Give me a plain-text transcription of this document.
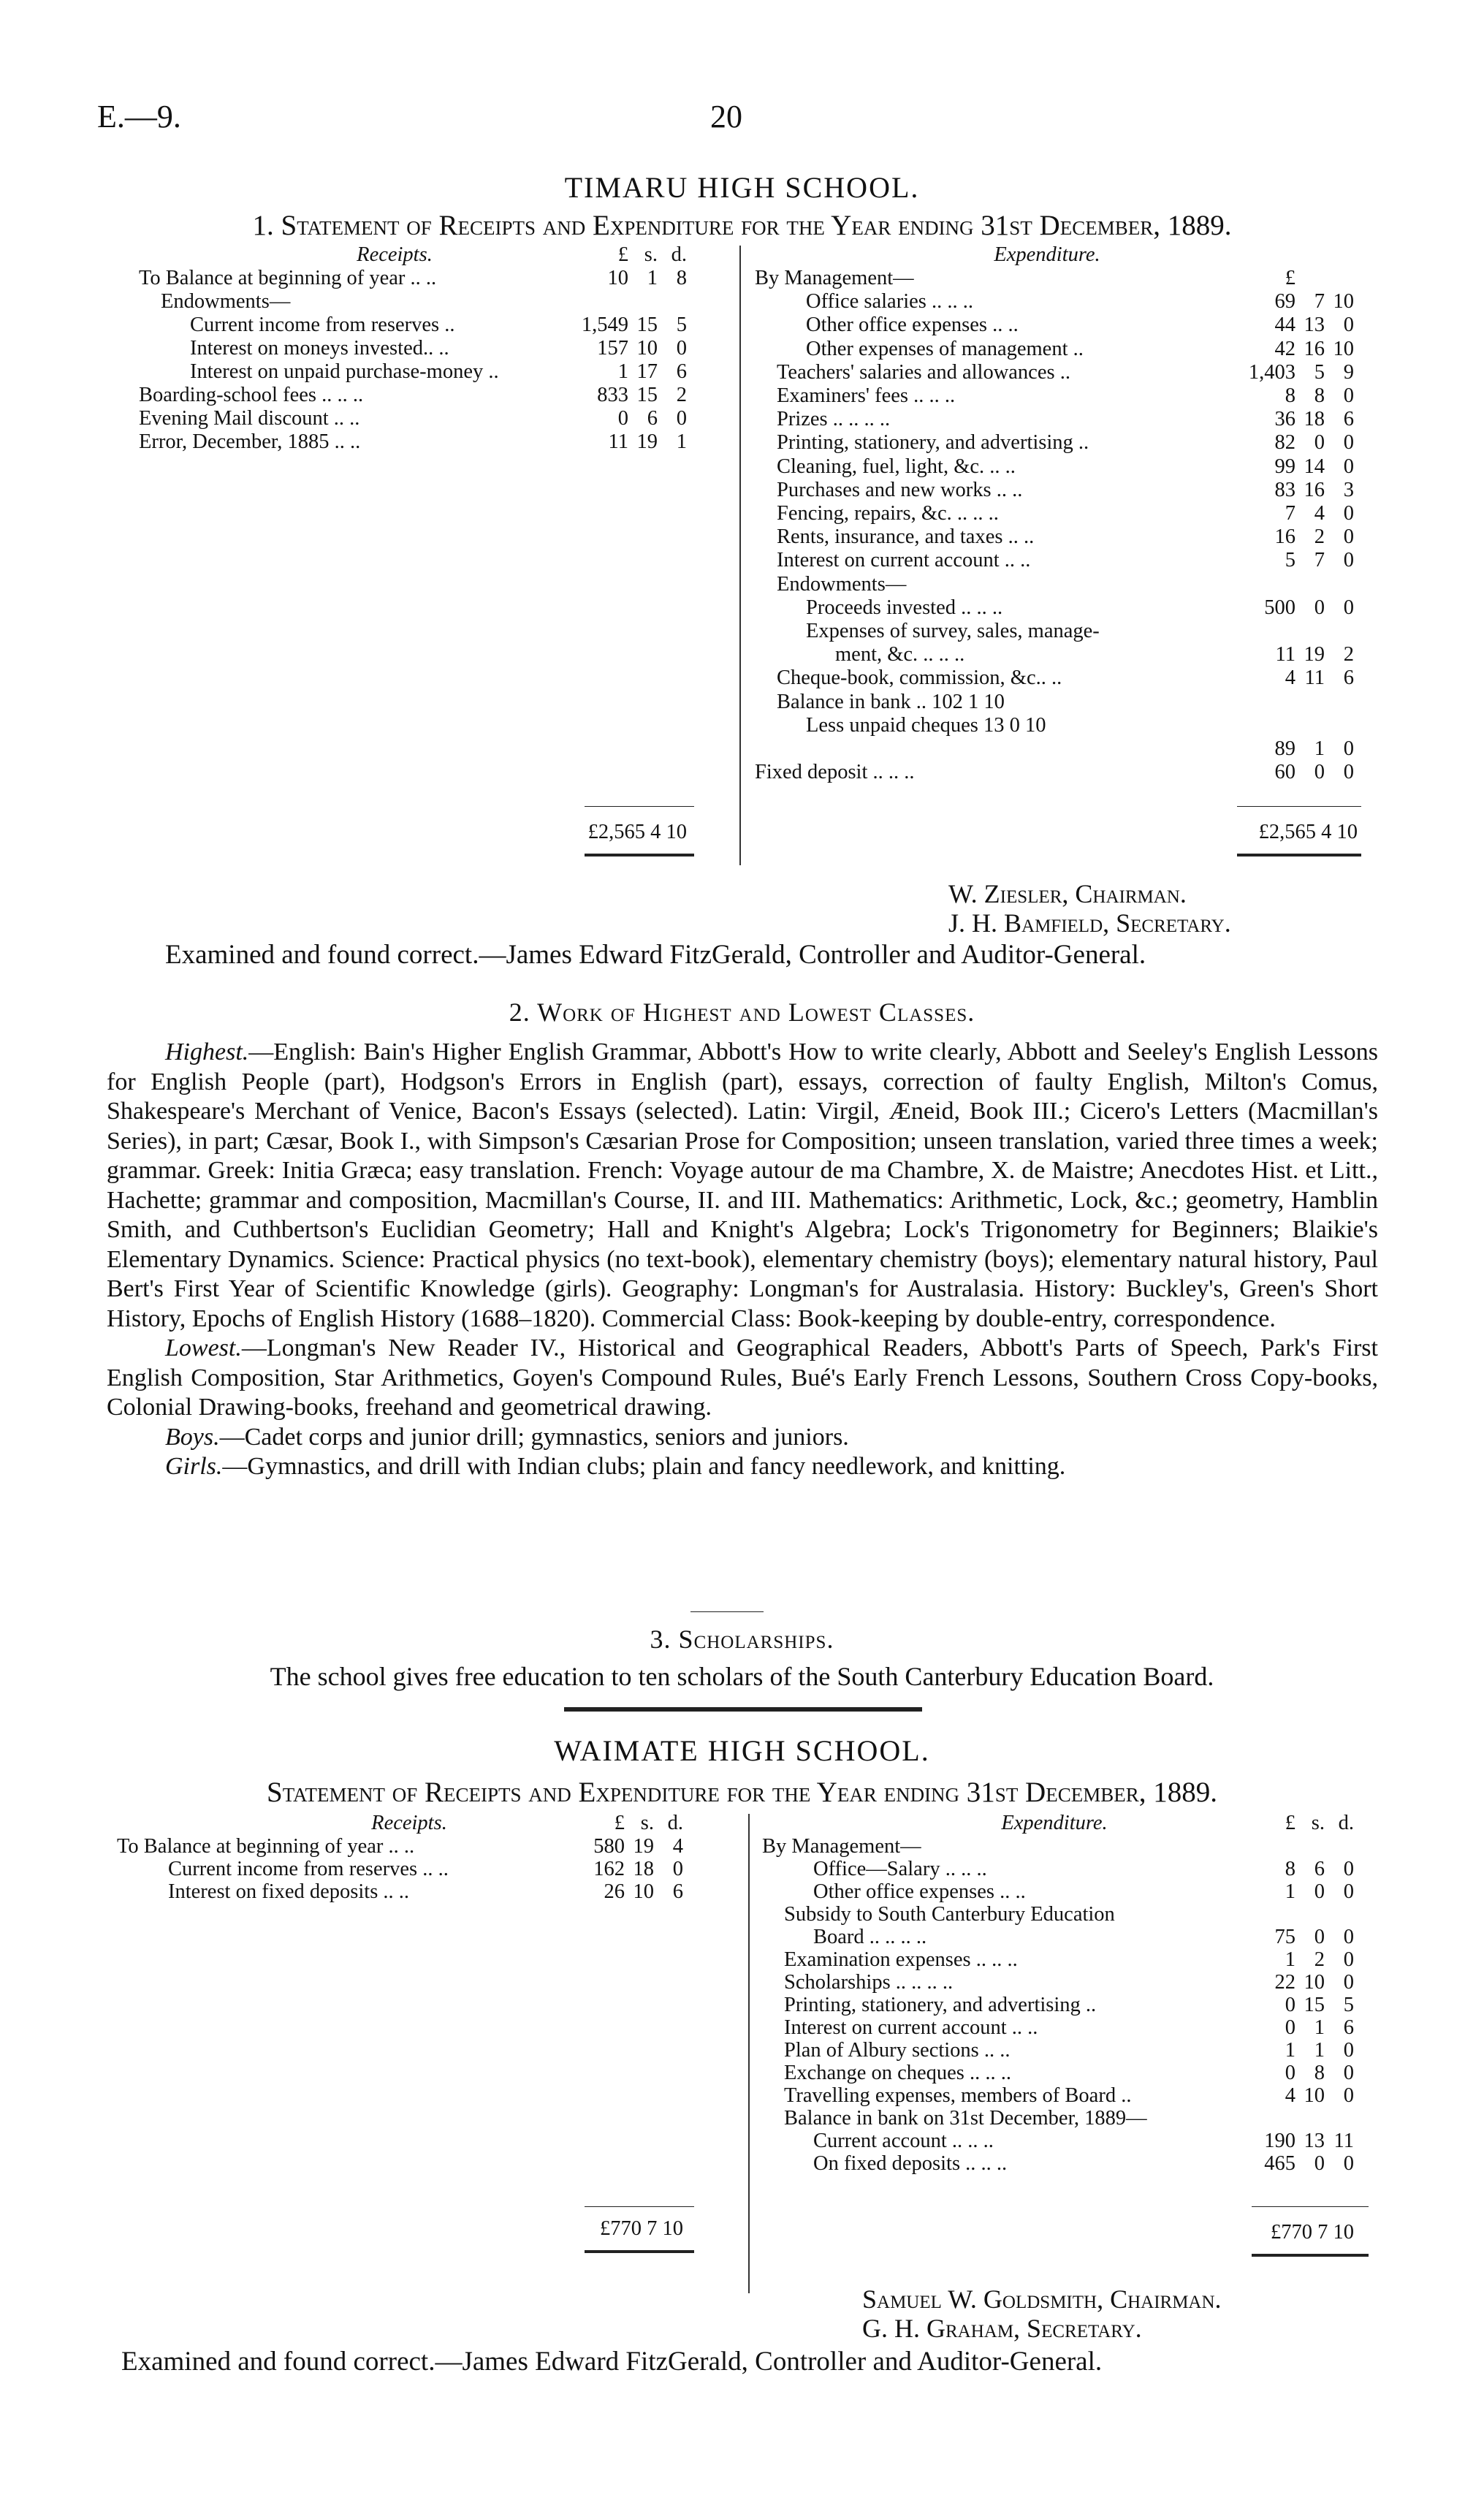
E.—9.	20
TIMARU HIGH SCHOOL.
1. Statement of Receipts and Expenditure for the Year ending 31st December, 1889.
Receipts.	£ s. d.
To Balance at beginning of year .. ..	10 1 8
Endowments—
Current income from reserves ..	1,549 15 5
Interest on moneys invested.. ..	157 10 0
Interest on unpaid purchase-money ..	1 17 6
Boarding-school fees .. .. ..	833 15 2
Evening Mail discount .. ..	0 6 0
Error, December, 1885 .. ..	11 19 1
£2,565 4 10
Expenditure.
By Management—
Office salaries .. .. ..	69 7 10
Other office expenses .. ..	44 13 0
Other expenses of management ..	42 16 10
Teachers' salaries and allowances ..	1,403 5 9
Examiners' fees .. .. ..	8 8 0
Prizes .. .. .. ..	36 18 6
Printing, stationery, and advertising ..	82 0 0
Cleaning, fuel, light, &c. .. ..	99 14 0
Purchases and new works .. ..	83 16 3
Fencing, repairs, &c. .. .. ..	7 4 0
Rents, insurance, and taxes .. ..	16 2 0
Interest on current account .. ..	5 7 0
Endowments—
Proceeds invested .. .. ..	500 0 0
Expenses of survey, sales, manage-
ment, &c. .. .. ..	11 19 2
Cheque-book, commission, &c.. ..	4 11 6
Balance in bank .. 102 1 10
Less unpaid cheques 13 0 10
89 1 0
Fixed deposit .. .. ..	60 0 0
£
£2,565 4 10
W. Ziesler, Chairman.
J. H. Bamfield, Secretary.
Examined and found correct.—James Edward FitzGerald, Controller and Auditor-General.
2. Work of Highest and Lowest Classes.

Highest.—English: Bain's Higher English Grammar, Abbott's How to write clearly, Abbott and Seeley's English Lessons for English People (part), Hodgson's Errors in English (part), essays, correction of faulty English, Milton's Comus, Shakespeare's Merchant of Venice, Bacon's Essays (selected). Latin: Virgil, Æneid, Book III.; Cicero's Letters (Macmillan's Series), in part; Cæsar, Book I., with Simpson's Cæsarian Prose for Composition; unseen translation, varied three times a week; grammar. Greek: Initia Græca; easy translation. French: Voyage autour de ma Chambre, X. de Maistre; Anecdotes Hist. et Litt., Hachette; grammar and composition, Macmillan's Course, II. and III. Mathematics: Arithmetic, Lock, &c.; geometry, Hamblin Smith, and Cuthbertson's Euclidian Geometry; Hall and Knight's Algebra; Lock's Trigonometry for Beginners; Blaikie's Elementary Dynamics. Science: Practical physics (no text-book), elementary chemistry (boys); elementary natural history, Paul Bert's First Year of Scientific Knowledge (girls). Geography: Longman's for Australasia. History: Buckley's, Green's Short History, Epochs of English History (1688–1820). Commercial Class: Book-keeping by double-entry, correspondence.

Lowest.—Longman's New Reader IV., Historical and Geographical Readers, Abbott's Parts of Speech, Park's First English Composition, Star Arithmetics, Goyen's Compound Rules, Bué's Early French Lessons, Southern Cross Copy-books, Colonial Drawing-books, freehand and geometrical drawing.

Boys.—Cadet corps and junior drill; gymnastics, seniors and juniors.

Girls.—Gymnastics, and drill with Indian clubs; plain and fancy needlework, and knitting.

3. Scholarships.
The school gives free education to ten scholars of the South Canterbury Education Board.
WAIMATE HIGH SCHOOL.
Statement of Receipts and Expenditure for the Year ending 31st December, 1889.
Receipts.	£ s. d.
To Balance at beginning of year .. ..	580 19 4
Current income from reserves .. ..	162 18 0
Interest on fixed deposits .. ..	26 10 6
£770 7 10
Expenditure.	£ s. d.
By Management—
Office—Salary .. .. ..	8 6 0
Other office expenses .. ..	1 0 0
Subsidy to South Canterbury Education
Board .. .. .. ..	75 0 0
Examination expenses .. .. ..	1 2 0
Scholarships .. .. .. ..	22 10 0
Printing, stationery, and advertising ..	0 15 5
Interest on current account .. ..	0 1 6
Plan of Albury sections .. ..	1 1 0
Exchange on cheques .. .. ..	0 8 0
Travelling expenses, members of Board ..	4 10 0
Balance in bank on 31st December, 1889—
Current account .. .. ..	190 13 11
On fixed deposits .. .. ..	465 0 0
£770 7 10
Samuel W. Goldsmith, Chairman.
G. H. Graham, Secretary.
Examined and found correct.—James Edward FitzGerald, Controller and Auditor-General.
